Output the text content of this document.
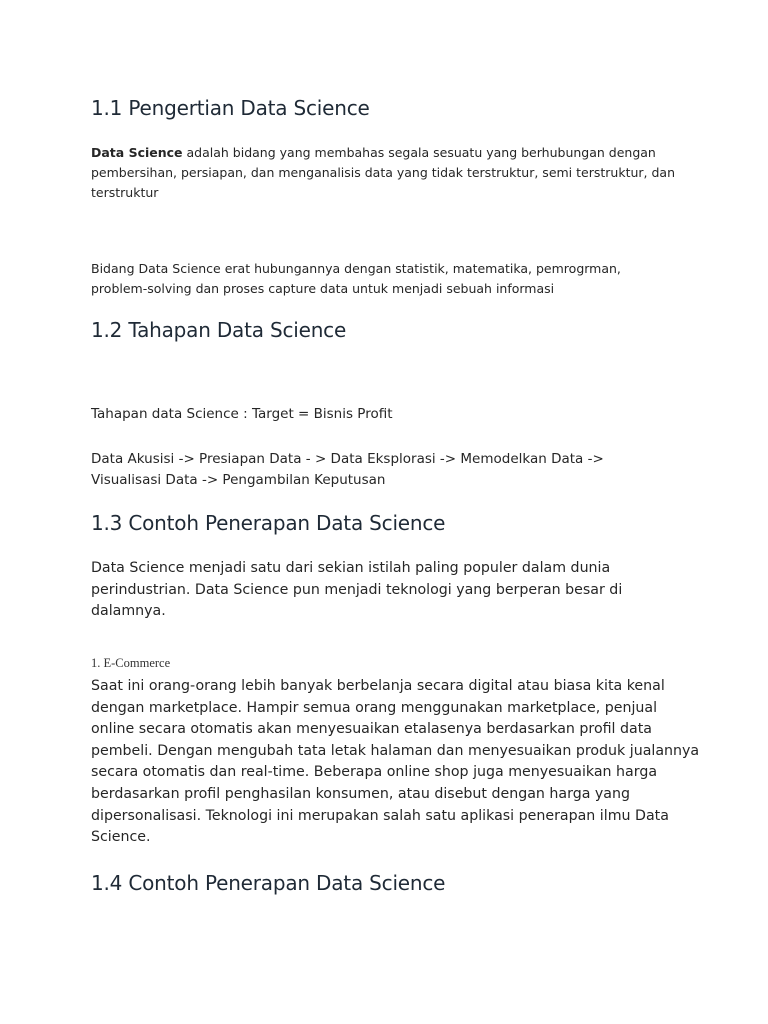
1.1 Pengertian Data Science

Data Science adalah bidang yang membahas segala sesuatu yang berhubungan dengan
pembersihan, persiapan, dan menganalisis data yang tidak terstruktur, semi terstruktur, dan
terstruktur

Bidang Data Science erat hubungannya dengan statistik, matematika, pemrogrman,
problem-solving dan proses capture data untuk menjadi sebuah informasi

1.2 Tahapan Data Science

Tahapan data Science : Target = Bisnis Profit

Data Akusisi -> Presiapan Data - > Data Eksplorasi -> Memodelkan Data ->
Visualisasi Data -> Pengambilan Keputusan

1.3 Contoh Penerapan Data Science

Data Science menjadi satu dari sekian istilah paling populer dalam dunia
perindustrian. Data Science pun menjadi teknologi yang berperan besar di
dalamnya.

1. E-Commerce

Saat ini orang-orang lebih banyak berbelanja secara digital atau biasa kita kenal
dengan marketplace. Hampir semua orang menggunakan marketplace, penjual
online secara otomatis akan menyesuaikan etalasenya berdasarkan profil data
pembeli. Dengan mengubah tata letak halaman dan menyesuaikan produk jualannya
secara otomatis dan real-time. Beberapa online shop juga menyesuaikan harga
berdasarkan profil penghasilan konsumen, atau disebut dengan harga yang
dipersonalisasi. Teknologi ini merupakan salah satu aplikasi penerapan ilmu Data
Science.

1.4 Contoh Penerapan Data Science
